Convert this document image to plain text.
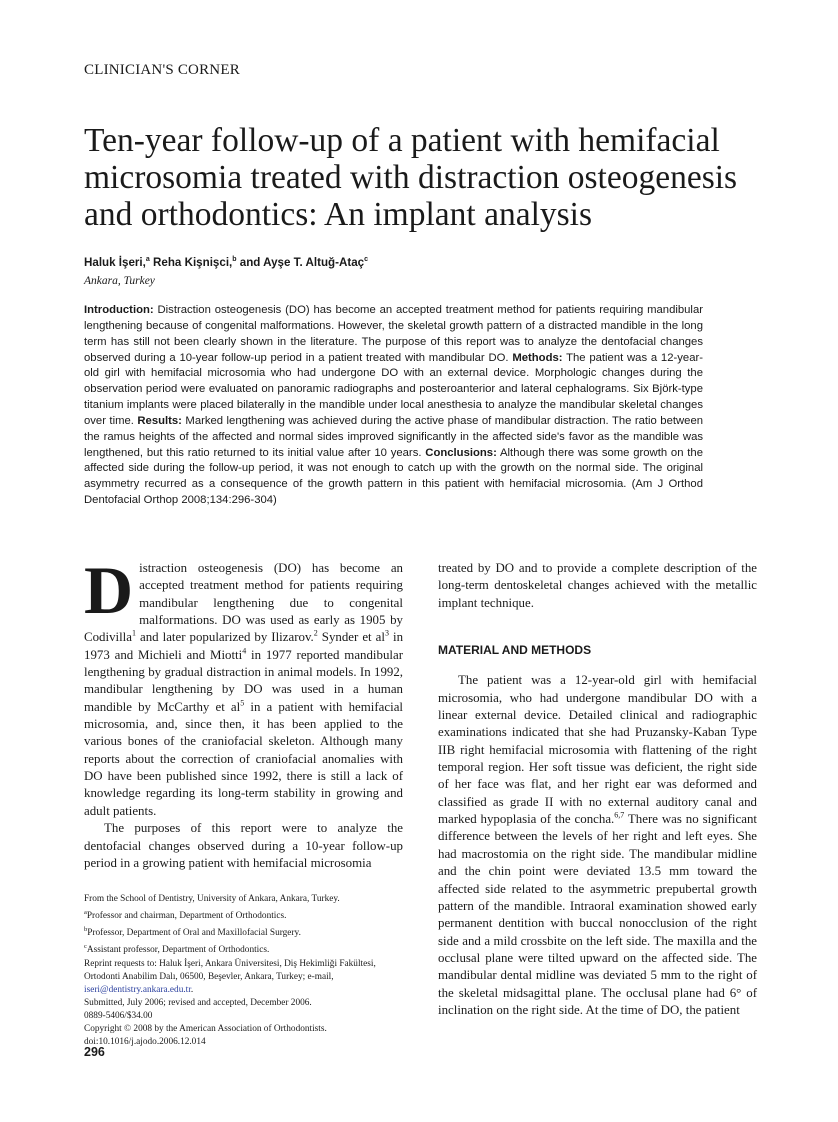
CLINICIAN'S CORNER
Ten-year follow-up of a patient with hemifacial microsomia treated with distraction osteogenesis and orthodontics: An implant analysis
Haluk İşeri,$^a$ Reha Kişnişci,$^b$ and Ayşe T. Altuğ-Ataç$^c$
Ankara, Turkey

Introduction: Distraction osteogenesis (DO) has become an accepted treatment method for patients requiring mandibular lengthening because of congenital malformations. However, the skeletal growth pattern of a distracted mandible in the long term has still not been clearly shown in the literature. The purpose of this report was to analyze the dentofacial changes observed during a 10-year follow-up period in a patient treated with mandibular DO. Methods: The patient was a 12-year-old girl with hemifacial microsomia who had undergone DO with an external device. Morphologic changes during the observation period were evaluated on panoramic radiographs and posteroanterior and lateral cephalograms. Six Björk-type titanium implants were placed bilaterally in the mandible under local anesthesia to analyze the mandibular skeletal changes over time. Results: Marked lengthening was achieved during the active phase of mandibular distraction. The ratio between the ramus heights of the affected and normal sides improved significantly in the affected side's favor as the mandible was lengthened, but this ratio returned to its initial value after 10 years. Conclusions: Although there was some growth on the affected side during the follow-up period, it was not enough to catch up with the growth on the normal side. The original asymmetry recurred as a consequence of the growth pattern in this patient with hemifacial microsomia. (Am J Orthod Dentofacial Orthop 2008;134:296-304)

Distraction osteogenesis (DO) has become an accepted treatment method for patients requiring mandibular lengthening due to congenital malformations. DO was used as early as 1905 by Codivilla$^1$ and later popularized by Ilizarov.$^2$ Synder et $al^3$ in 1973 and Michieli and Miotti$^4$ in 1977 reported mandibular lengthening by gradual distraction in animal models. In 1992, mandibular lengthening by DO was used in a human mandible by McCarthy et $al^5$ in a patient with hemifacial microsomia, and, since then, it has been applied to the various bones of the craniofacial skeleton. Although many reports about the correction of craniofacial anomalies with DO have been published since 1992, there is still a lack of knowledge regarding its long-term stability in growing and adult patients.

The purposes of this report were to analyze the dentofacial changes observed during a 10-year follow-up period in a growing patient with hemifacial microsomia

treated by DO and to provide a complete description of the long-term dentoskeletal changes achieved with the metallic implant technique.

MATERIAL AND METHODS

The patient was a 12-year-old girl with hemifacial microsomia, who had undergone mandibular DO with a linear external device. Detailed clinical and radiographic examinations indicated that she had Pruzansky-Kaban Type IIB right hemifacial microsomia with flattening of the right temporal region. Her soft tissue was deficient, the right side of her face was flat, and her right ear was deformed and classified as grade II with no external auditory canal and marked hypoplasia of the concha.$^{6,7}$ There was no significant difference between the levels of her right and left eyes. She had macrostomia on the right side. The mandibular midline and the chin point were deviated 13.5 mm toward the affected side related to the asymmetric prepubertal growth pattern of the mandible. Intraoral examination showed early permanent dentition with buccal nonocclusion of the right side and a mild crossbite on the left side. The maxilla and the occlusal plane were tilted upward on the affected side. The mandibular dental midline was deviated 5 mm to the right of the skeletal midsagittal plane. The occlusal plane had 6° of inclination on the right side. At the time of DO, the patient

From the School of Dentistry, University of Ankara, Ankara, Turkey.
$^a$Professor and chairman, Department of Orthodontics.
$^b$Professor, Department of Oral and Maxillofacial Surgery.
$^c$Assistant professor, Department of Orthodontics.
Reprint requests to: Haluk İşeri, Ankara Üniversitesi, Diş Hekimliği Fakültesi, Ortodonti Anabilim Dalı, 06500, Beşevler, Ankara, Turkey; e-mail, iseri@dentistry.ankara.edu.tr.
Submitted, July 2006; revised and accepted, December 2006.
0889-5406/$34.00
Copyright © 2008 by the American Association of Orthodontists.
doi:10.1016/j.ajodo.2006.12.014
296
